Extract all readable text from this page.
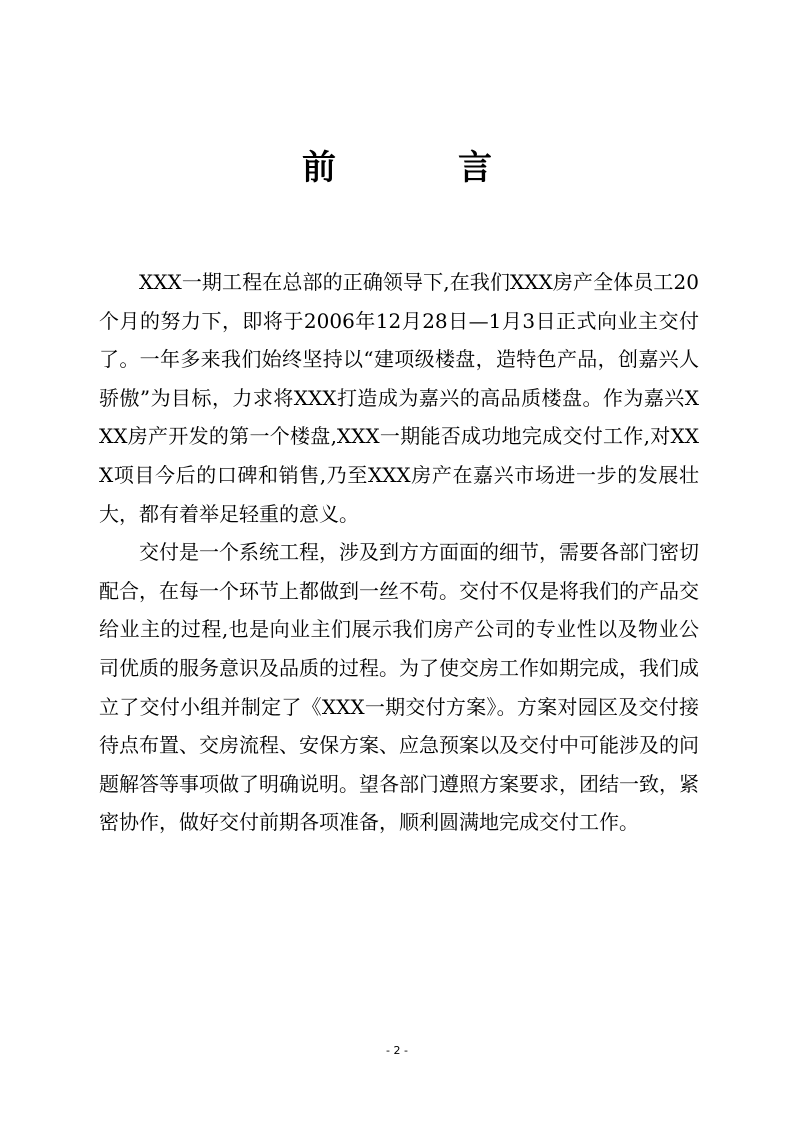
前　言

XXX一期工程在总部的正确领导下,在我们XXX房产全体员工20个月的努力下，即将于2006年12月28日—1月3日正式向业主交付了。一年多来我们始终坚持以“建项级楼盘，造特色产品，创嘉兴人骄傲”为目标，力求将XXX打造成为嘉兴的高品质楼盘。作为嘉兴XXX房产开发的第一个楼盘,XXX一期能否成功地完成交付工作,对XXX项目今后的口碑和销售,乃至XXX房产在嘉兴市场进一步的发展壮大，都有着举足轻重的意义。

交付是一个系统工程，涉及到方方面面的细节，需要各部门密切配合，在每一个环节上都做到一丝不苟。交付不仅是将我们的产品交给业主的过程,也是向业主们展示我们房产公司的专业性以及物业公司优质的服务意识及品质的过程。为了使交房工作如期完成，我们成立了交付小组并制定了《XXX一期交付方案》。方案对园区及交付接待点布置、交房流程、安保方案、应急预案以及交付中可能涉及的问题解答等事项做了明确说明。望各部门遵照方案要求，团结一致，紧密协作，做好交付前期各项准备，顺利圆满地完成交付工作。

- 2 -
